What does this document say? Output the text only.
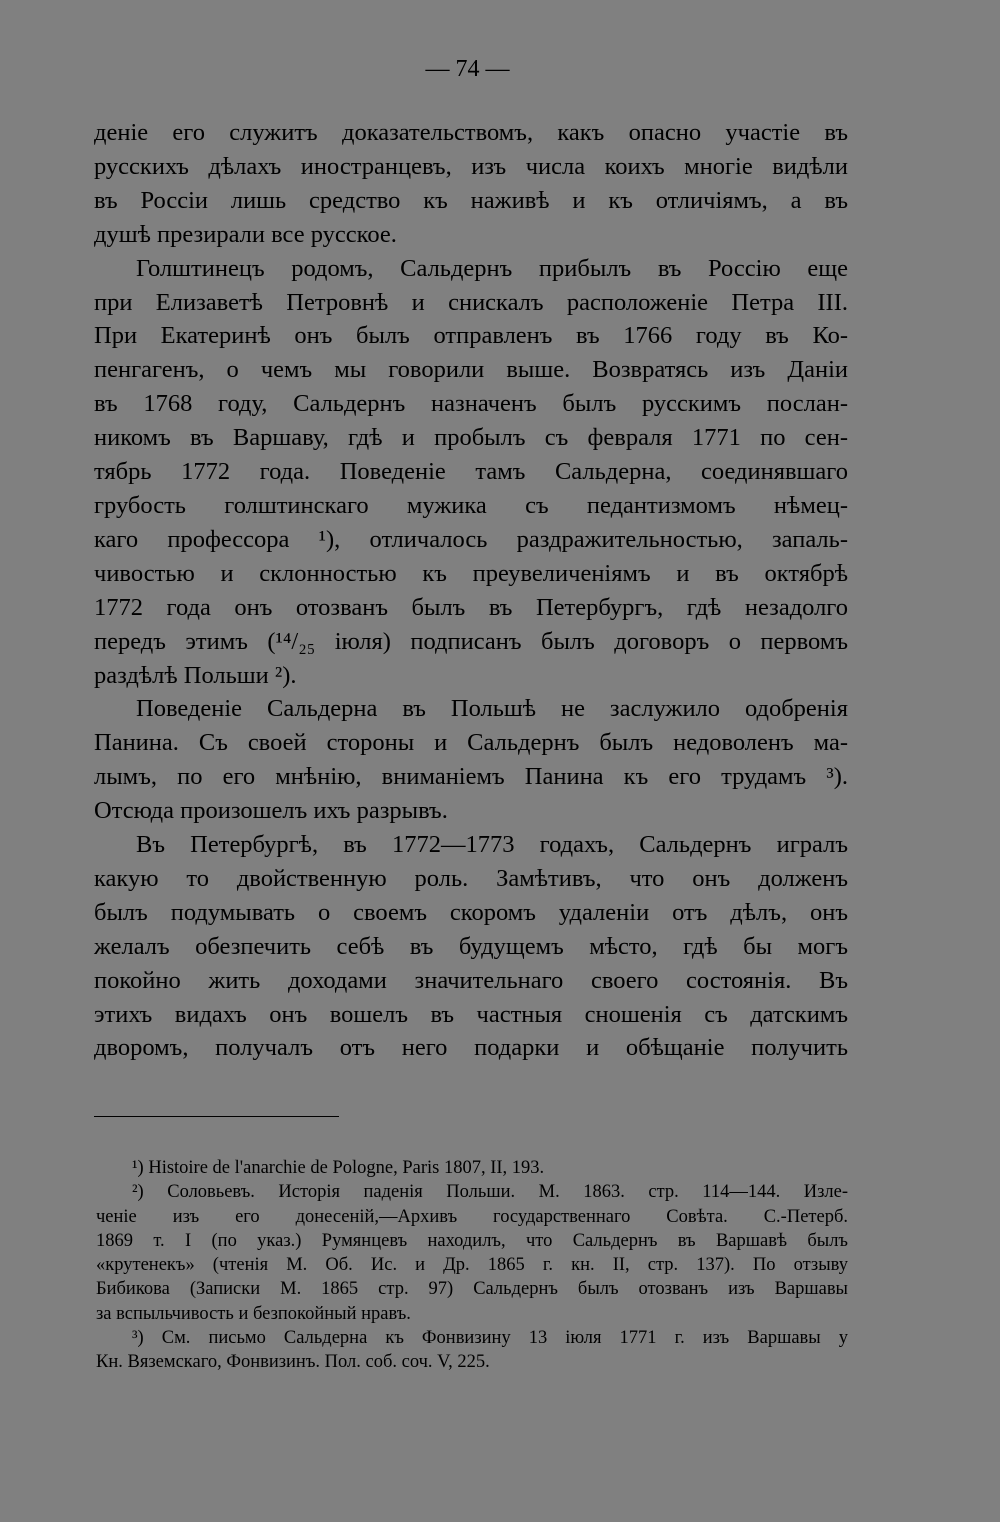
— 74 —
деніе его служитъ доказательствомъ, какъ опасно участіе въ
русскихъ дѣлахъ иностранцевъ, изъ числа коихъ многіе видѣли
въ Россіи лишь средство къ наживѣ и къ отличіямъ, а въ
душѣ презирали все русское.
Голштинецъ родомъ, Сальдернъ прибылъ въ Россію еще
при Елизаветѣ Петровнѣ и снискалъ расположеніе Петра III.
При Екатеринѣ онъ былъ отправленъ въ 1766 году въ Ко-
пенгагенъ, о чемъ мы говорили выше. Возвратясь изъ Даніи
въ 1768 году, Сальдернъ назначенъ былъ русскимъ послан-
никомъ въ Варшаву, гдѣ и пробылъ съ февраля 1771 по сен-
тябрь 1772 года. Поведеніе тамъ Сальдерна, соединявшаго
грубость голштинскаго мужика съ педантизмомъ нѣмец-
каго профессора ¹), отличалось раздражительностью, запаль-
чивостью и склонностью къ преувеличеніямъ и въ октябрѣ
1772 года онъ отозванъ былъ въ Петербургъ, гдѣ незадолго
передъ этимъ (¹⁴/₂₅ іюля) подписанъ былъ договоръ о первомъ
раздѣлѣ Польши ²).
Поведеніе Сальдерна въ Польшѣ не заслужило одобренія
Панина. Съ своей стороны и Сальдернъ былъ недоволенъ ма-
лымъ, по его мнѣнію, вниманіемъ Панина къ его трудамъ ³).
Отсюда произошелъ ихъ разрывъ.
Въ Петербургѣ, въ 1772—1773 годахъ, Сальдернъ игралъ
какую то двойственную роль. Замѣтивъ, что онъ долженъ
былъ подумывать о своемъ скоромъ удаленіи отъ дѣлъ, онъ
желалъ обезпечить себѣ въ будущемъ мѣсто, гдѣ бы могъ
покойно жить доходами значительнаго своего состоянія. Въ
этихъ видахъ онъ вошелъ въ частныя сношенія съ датскимъ
дворомъ, получалъ отъ него подарки и обѣщаніе получить
¹) Histoire de l'anarchie de Pologne, Paris 1807, II, 193.
²) Соловьевъ. Исторія паденія Польши. М. 1863. стр. 114—144. Изле-
ченіе изъ его донесеній,—Архивъ государственнаго Совѣта. С.-Петерб.
1869 т. I (по указ.) Румянцевъ находилъ, что Сальдернъ въ Варшавѣ былъ
«крутенекъ» (чтенія М. Об. Ис. и Др. 1865 г. кн. II, стр. 137). По отзыву
Бибикова (Записки М. 1865 стр. 97) Сальдернъ былъ отозванъ изъ Варшавы
за вспыльчивость и безпокойный нравъ.
³) См. письмо Сальдерна къ Фонвизину 13 іюля 1771 г. изъ Варшавы у
Кн. Вяземскаго, Фонвизинъ. Пол. соб. соч. V, 225.
